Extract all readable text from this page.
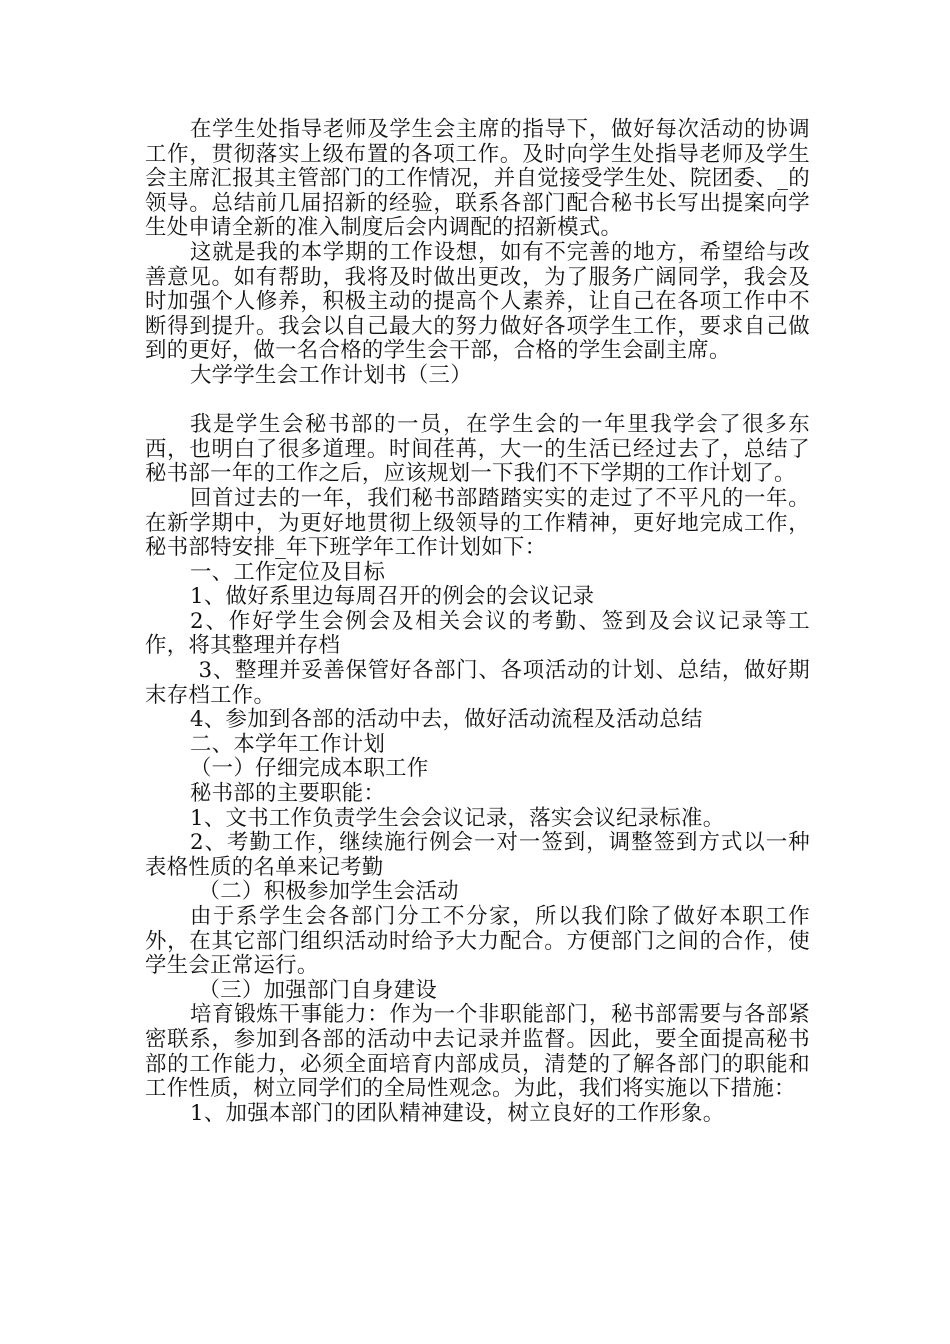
在学生处指导老师及学生会主席的指导下，做好每次活动的协调工作，贯彻落实上级布置的各项工作。及时向学生处指导老师及学生会主席汇报其主管部门的工作情况，并自觉接受学生处、院团委、_的领导。总结前几届招新的经验，联系各部门配合秘书长写出提案向学生处申请全新的准入制度后会内调配的招新模式。

这就是我的本学期的工作设想，如有不完善的地方，希望给与改善意见。如有帮助，我将及时做出更改，为了服务广阔同学，我会及时加强个人修养，积极主动的提高个人素养，让自己在各项工作中不断得到提升。我会以自己最大的努力做好各项学生工作，要求自己做到的更好，做一名合格的学生会干部，合格的学生会副主席。

大学学生会工作计划书（三）

我是学生会秘书部的一员，在学生会的一年里我学会了很多东西，也明白了很多道理。时间荏苒，大一的生活已经过去了，总结了秘书部一年的工作之后，应该规划一下我们不下学期的工作计划了。

回首过去的一年，我们秘书部踏踏实实的走过了不平凡的一年。在新学期中，为更好地贯彻上级领导的工作精神，更好地完成工作，秘书部特安排_年下班学年工作计划如下：

一、工作定位及目标

1、做好系里边每周召开的例会的会议记录

2、作好学生会例会及相关会议的考勤、签到及会议记录等工作，将其整理并存档

3、整理并妥善保管好各部门、各项活动的计划、总结，做好期末存档工作。

4、参加到各部的活动中去，做好活动流程及活动总结

二、本学年工作计划

（一）仔细完成本职工作

秘书部的主要职能：

1、文书工作负责学生会会议记录，落实会议纪录标准。

2、考勤工作，继续施行例会一对一签到，调整签到方式以一种表格性质的名单来记考勤

（二）积极参加学生会活动

由于系学生会各部门分工不分家，所以我们除了做好本职工作外，在其它部门组织活动时给予大力配合。方便部门之间的合作，使学生会正常运行。

（三）加强部门自身建设

培育锻炼干事能力：作为一个非职能部门，秘书部需要与各部紧密联系，参加到各部的活动中去记录并监督。因此，要全面提高秘书部的工作能力，必须全面培育内部成员，清楚的了解各部门的职能和工作性质，树立同学们的全局性观念。为此，我们将实施以下措施：

1、加强本部门的团队精神建设，树立良好的工作形象。
